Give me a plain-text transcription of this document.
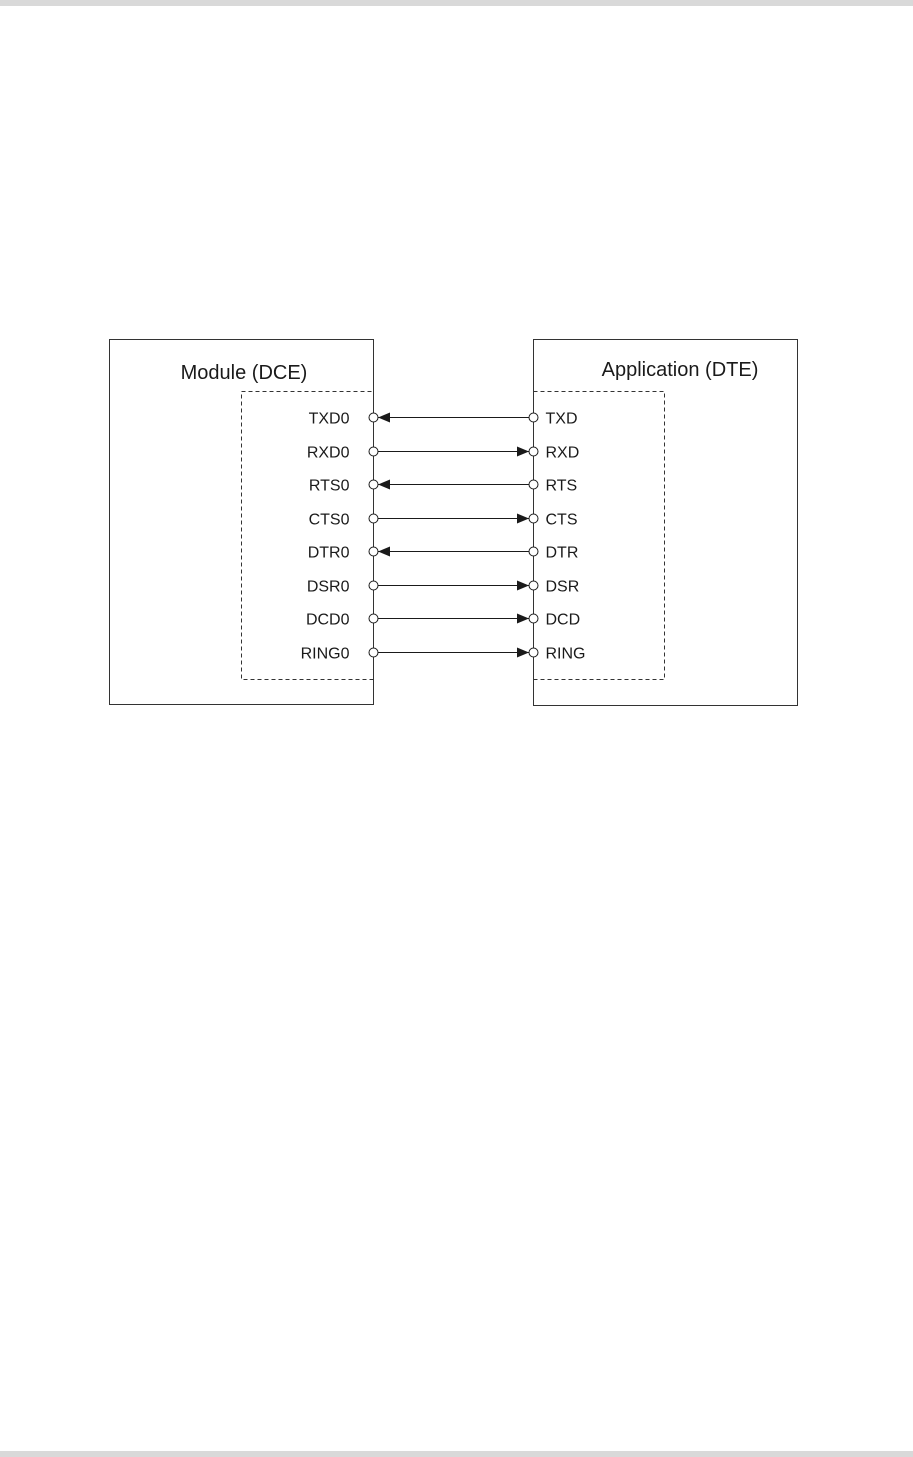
Module (DCE)	Application (DTE)
TXD0	TXD
RXD0	RXD
RTS0	RTS
CTS0	CTS
DTR0	DTR
DSR0	DSR
DCD0	DCD
RING0	RING
